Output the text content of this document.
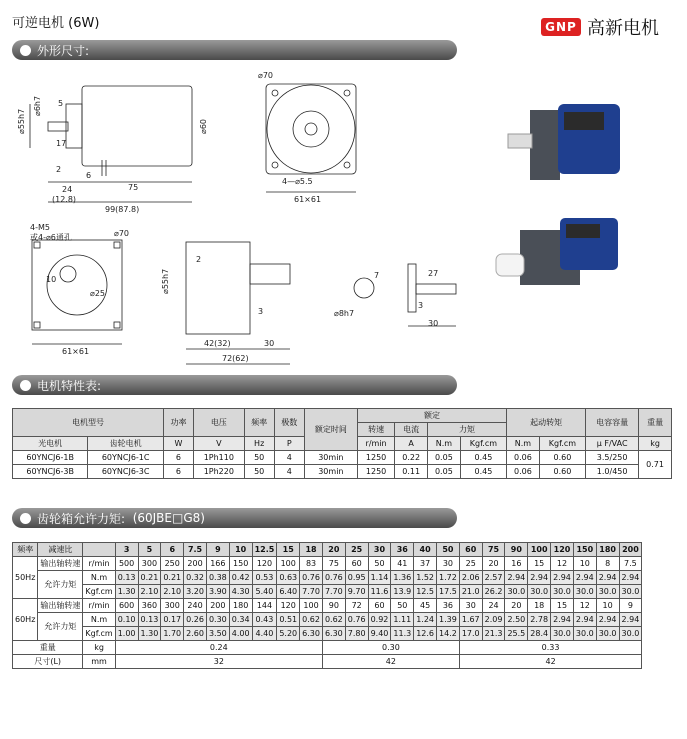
可逆电机 (6W)	GNP 高新电机
外形尺寸:
⌀55h7
⌀6h7 5
17
2
6
24	75
(12.8)
99(87.8)
⌀60
⌀70
4—⌀5.5
61×61
4-M5
或4-⌀6通孔	⌀70
10
⌀25
61×61
⌀55h7
2
3
42(32)	30
72(62)
7
⌀8h7
27
3
30
电机特性表:
电机型号		功率	电压	频率	极数	额定时间	额定				起动转矩		电容容量	重量
							转速	电流	力矩					
光电机	齿轮电机	W	V	Hz	P		r/min	A	N.m	Kgf.cm	N.m	Kgf.cm	μ F/VAC	kg
60YNCJ6-1B	60YNCJ6-1C	6	1Ph110	50	4	30min	1250	0.22	0.05	0.45	0.06	0.60	3.5/250	0.71
60YNCJ6-3B	60YNCJ6-3C	6	1Ph220	50	4	30min	1250	0.11	0.05	0.45	0.06	0.60	1.0/450	
齿轮箱允许力矩:
(60JBE□G8)
频率	减速比		3	5	6	7.5	9	10	12.5	15	18	20	25	30	36	40	50	60	75	90	100	120	150	180	200
50Hz	输出轴转速	r/min	500	300	250	200	166	150	120	100	83	75	60	50	41	37	30	25	20	16	15	12	10	8	7.5
	允许力矩	N.m	0.13	0.21	0.21	0.32	0.38	0.42	0.53	0.63	0.76	0.76	0.95	1.14	1.36	1.52	1.72	2.06	2.57	2.94	2.94	2.94	2.94	2.94	2.94
		Kgf.cm	1.30	2.10	2.10	3.20	3.90	4.30	5.40	6.40	7.70	7.70	9.70	11.6	13.9	12.5	17.5	21.0	26.2	30.0	30.0	30.0	30.0	30.0	30.0
60Hz	输出轴转速	r/min	600	360	300	240	200	180	144	120	100	90	72	60	50	45	36	30	24	20	18	15	12	10	9
	允许力矩	N.m	0.10	0.13	0.17	0.26	0.30	0.34	0.43	0.51	0.62	0.62	0.76	0.92	1.11	1.24	1.39	1.67	2.09	2.50	2.78	2.94	2.94	2.94	2.94
		Kgf.cm	1.00	1.30	1.70	2.60	3.50	4.00	4.40	5.20	6.30	6.30	7.80	9.40	11.3	12.6	14.2	17.0	21.3	25.5	28.4	30.0	30.0	30.0	30.0
重量		kg	0.24									0.30						0.33							
尺寸(L)		mm	32									42						42							
